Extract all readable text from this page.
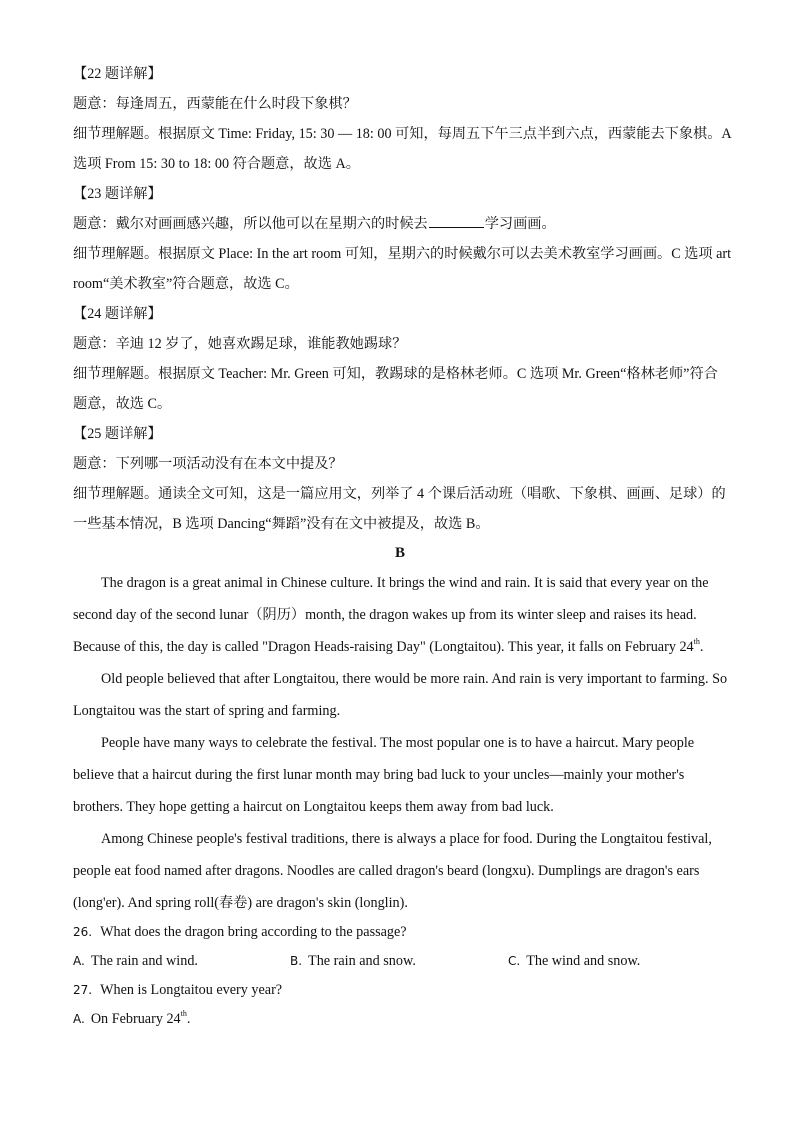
【22 题详解】
题意：每逢周五，西蒙能在什么时段下象棋？
细节理解题。根据原文 Time: Friday, 15: 30 — 18: 00 可知，每周五下午三点半到六点，西蒙能去下象棋。A
选项 From 15: 30 to 18: 00 符合题意，故选 A。
【23 题详解】
题意：戴尔对画画感兴趣，所以他可以在星期六的时候去	学习画画。
细节理解题。根据原文 Place: In the art room 可知，星期六的时候戴尔可以去美术教室学习画画。C 选项 art
room“美术教室”符合题意，故选 C。
【24 题详解】
题意：辛迪 12 岁了，她喜欢踢足球，谁能教她踢球？
细节理解题。根据原文 Teacher: Mr. Green 可知，教踢球的是格林老师。C 选项 Mr. Green“格林老师”符合
题意，故选 C。
【25 题详解】
题意：下列哪一项活动没有在本文中提及？
细节理解题。通读全文可知，这是一篇应用文，列举了 4 个课后活动班（唱歌、下象棋、画画、足球）的
一些基本情况，B 选项 Dancing“舞蹈”没有在文中被提及，故选 B。
B
The dragon is a great animal in Chinese culture. It brings the wind and rain. It is said that every year on the
second day of the second lunar（阴历）month, the dragon wakes up from its winter sleep and raises its head.
Because of this, the day is called "Dragon Heads-raising Day" (Longtaitou). This year, it falls on February 24th.
Old people believed that after Longtaitou, there would be more rain. And rain is very important to farming. So
Longtaitou was the start of spring and farming.
People have many ways to celebrate the festival. The most popular one is to have a haircut. Mary people
believe that a haircut during the first lunar month may bring bad luck to your uncles—mainly your mother's
brothers. They hope getting a haircut on Longtaitou keeps them away from bad luck.
Among Chinese people's festival traditions, there is always a place for food. During the Longtaitou festival,
people eat food named after dragons. Noodles are called dragon's beard (longxu). Dumplings are dragon's ears
(long'er). And spring roll(春卷) are dragon's skin (longlin).
26. What does the dragon bring according to the passage?
A. The rain and wind.	B. The rain and snow.	C. The wind and snow.
27. When is Longtaitou every year?
A. On February 24th.
